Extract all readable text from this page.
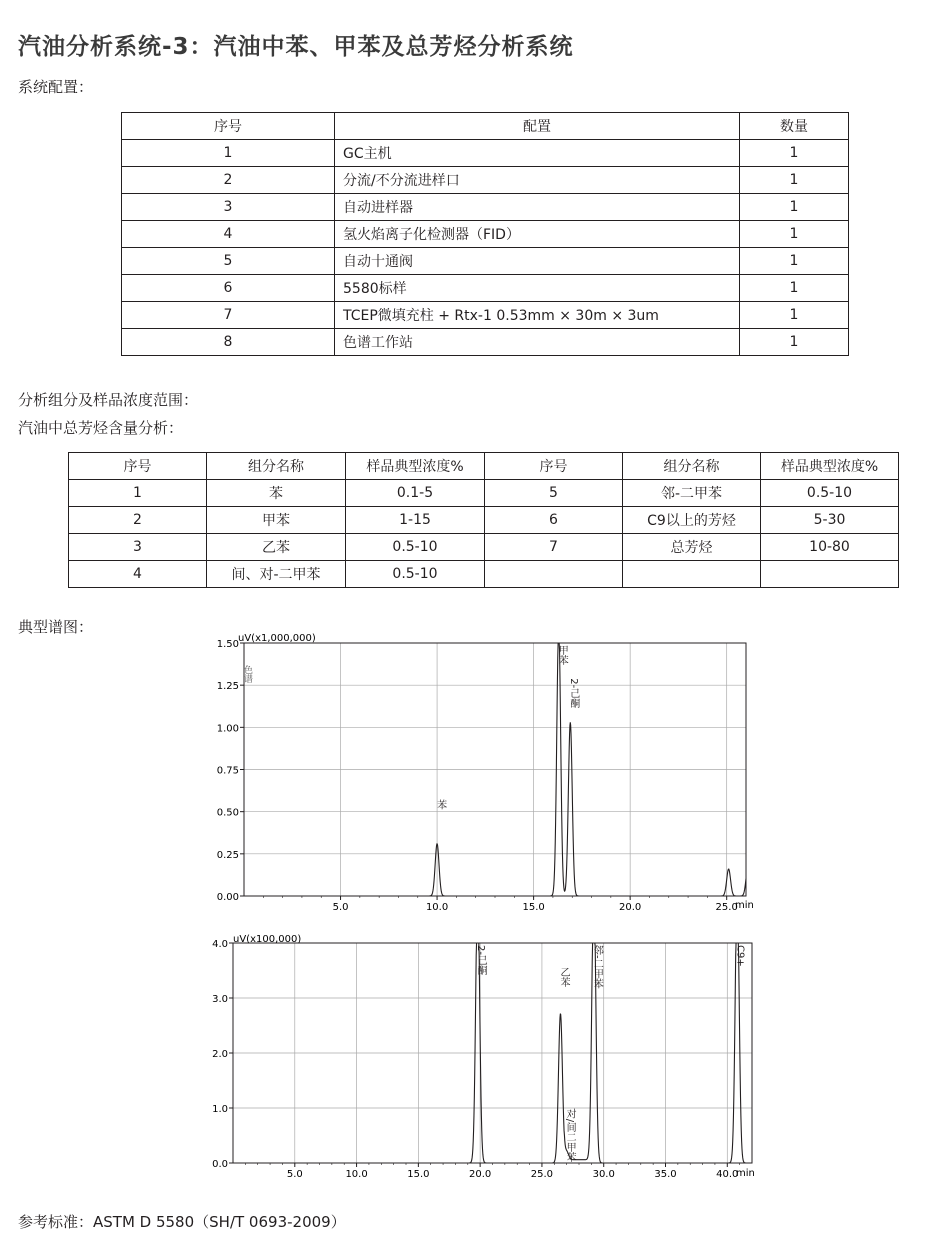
汽油分析系统-3：汽油中苯、甲苯及总芳烃分析系统
系统配置：
序号	配置	数量
1	GC主机	1
2	分流/不分流进样口	1
3	自动进样器	1
4	氢火焰离子化检测器（FID）	1
5	自动十通阀	1
6	5580标样	1
7	TCEP微填充柱 + Rtx-1 0.53mm × 30m × 3um	1
8	色谱工作站	1
分析组分及样品浓度范围：
汽油中总芳烃含量分析：
序号	组分名称	样品典型浓度%	序号	组分名称	样品典型浓度%
1	苯	0.1-5	5	邻-二甲苯	0.5-10
2	甲苯	1-15	6	C9以上的芳烃	5-30
3	乙苯	0.5-10	7	总芳烃	10-80
4	间、对-二甲苯	0.5-10			
典型谱图：
5.0	10.0	15.0	20.0	25.0
0.00
0.25
0.50
0.75
1.00
1.25
1.50
uV(x1,000,000)
min
色谱
苯
甲苯
2-己酮
5.0	10.0	15.0	20.0	25.0	30.0	35.0	40.0
0.0
1.0
2.0
3.0
4.0 uV(x100,000)
min
2-己酮
乙苯
对/间二甲苯
邻-二甲苯	C9+
参考标准：ASTM D 5580（SH/T 0693-2009）
